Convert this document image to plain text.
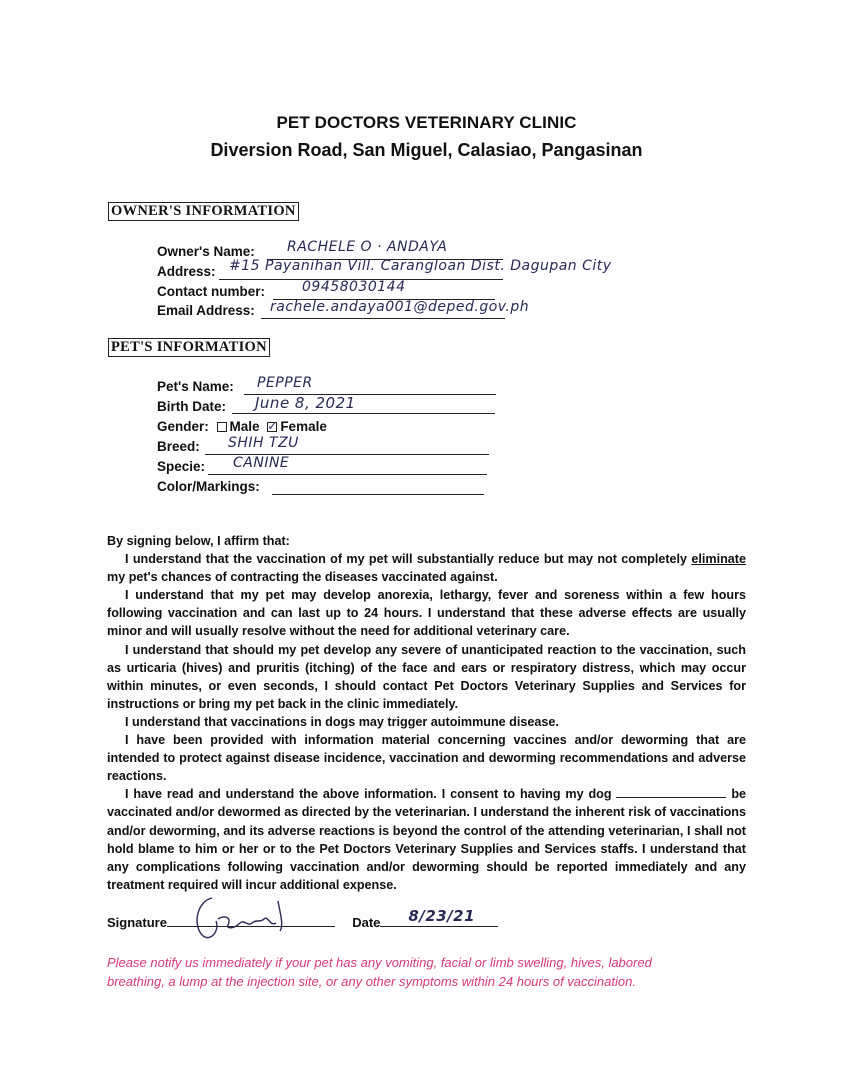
PET DOCTORS VETERINARY CLINIC
Diversion Road, San Miguel, Calasiao, Pangasinan
OWNER'S INFORMATION
Owner's Name: RACHELE O · ANDAYA
Address: #15 Payanihan Vill. Carangloan Dist. Dagupan City
Contact number:	09458030144
Email Address: rachele.andaya001@deped.gov.ph
PET'S INFORMATION
Pet's Name: PEPPER
Birth Date: June 8, 2021
Gender: Male ✓ Female
Breed: SHIH TZU
Specie: CANINE
Color/Markings:

By signing below, I affirm that:

I understand that the vaccination of my pet will substantially reduce but may not completely eliminate my pet's chances of contracting the diseases vaccinated against.

I understand that my pet may develop anorexia, lethargy, fever and soreness within a few hours following vaccination and can last up to 24 hours. I understand that these adverse effects are usually minor and will usually resolve without the need for additional veterinary care.

I understand that should my pet develop any severe of unanticipated reaction to the vaccination, such as urticaria (hives) and pruritis (itching) of the face and ears or respiratory distress, which may occur within minutes, or even seconds, I should contact Pet Doctors Veterinary Supplies and Services for instructions or bring my pet back in the clinic immediately.

I understand that vaccinations in dogs may trigger autoimmune disease.

I have been provided with information material concerning vaccines and/or deworming that are intended to protect against disease incidence, vaccination and deworming recommendations and adverse reactions.

I have read and understand the above information. I consent to having my dog	be vaccinated and/or dewormed as directed by the veterinarian. I understand the inherent risk of vaccinations and/or deworming, and its adverse reactions is beyond the control of the attending veterinarian, I shall not hold blame to him or her or to the Pet Doctors Veterinary Supplies and Services staffs. I understand that any complications following vaccination and/or deworming should be reported immediately and any treatment required will incur additional expense.

Signature	Date 8/23/21
Please notify us immediately if your pet has any vomiting, facial or limb swelling, hives, labored breathing, a lump at the injection site, or any other symptoms within 24 hours of vaccination.
